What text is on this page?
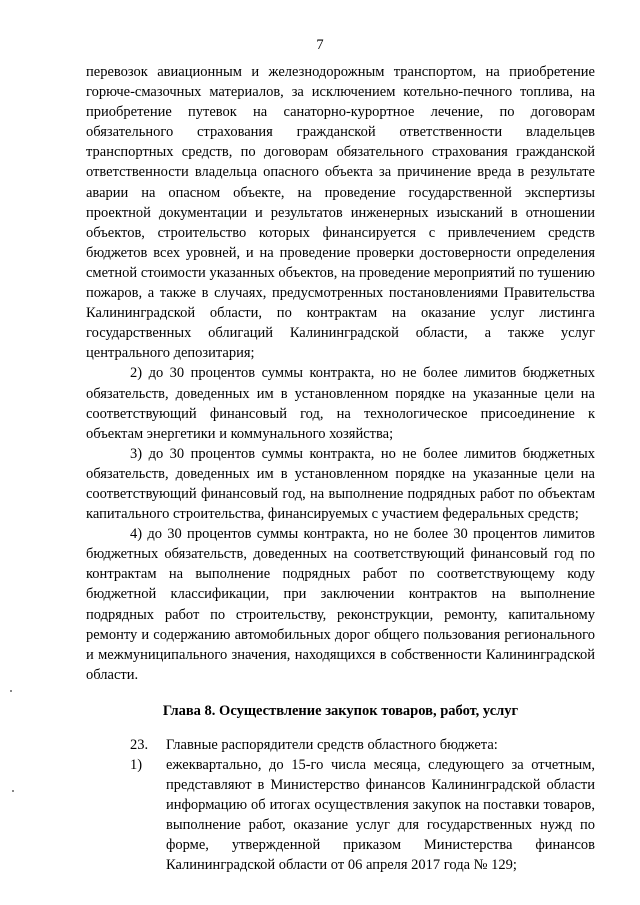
7

перевозок авиационным и железнодорожным транспортом, на приобретение горюче-смазочных материалов, за исключением котельно-печного топлива, на приобретение путевок на санаторно-курортное лечение, по договорам обязательного страхования гражданской ответственности владельцев транспортных средств, по договорам обязательного страхования гражданской ответственности владельца опасного объекта за причинение вреда в результате аварии на опасном объекте, на проведение государственной экспертизы проектной документации и результатов инженерных изысканий в отношении объектов, строительство которых финансируется с привлечением средств бюджетов всех уровней, и на проведение проверки достоверности определения сметной стоимости указанных объектов, на проведение мероприятий по тушению пожаров, а также в случаях, предусмотренных постановлениями Правительства Калининградской области, по контрактам на оказание услуг листинга государственных облигаций Калининградской области, а также услуг центрального депозитария;

2) до 30 процентов суммы контракта, но не более лимитов бюджетных обязательств, доведенных им в установленном порядке на указанные цели на соответствующий финансовый год, на технологическое присоединение к объектам энергетики и коммунального хозяйства;

3) до 30 процентов суммы контракта, но не более лимитов бюджетных обязательств, доведенных им в установленном порядке на указанные цели на соответствующий финансовый год, на выполнение подрядных работ по объектам капитального строительства, финансируемых с участием федеральных средств;

4) до 30 процентов суммы контракта, но не более 30 процентов лимитов бюджетных обязательств, доведенных на соответствующий финансовый год по контрактам на выполнение подрядных работ по соответствующему коду бюджетной классификации, при заключении контрактов на выполнение подрядных работ по строительству, реконструкции, ремонту, капитальному ремонту и содержанию автомобильных дорог общего пользования регионального и межмуниципального значения, находящихся в собственности Калининградской области.

Глава 8. Осуществление закупок товаров, работ, услуг

23.	Главные распорядители средств областного бюджета:
1)	ежеквартально, до 15-го числа месяца, следующего за отчетным, представляют в Министерство финансов Калининградской области информацию об итогах осуществления закупок на поставки товаров, выполнение работ, оказание услуг для государственных нужд по форме, утвержденной приказом Министерства финансов Калининградской области от 06 апреля 2017 года № 129;
